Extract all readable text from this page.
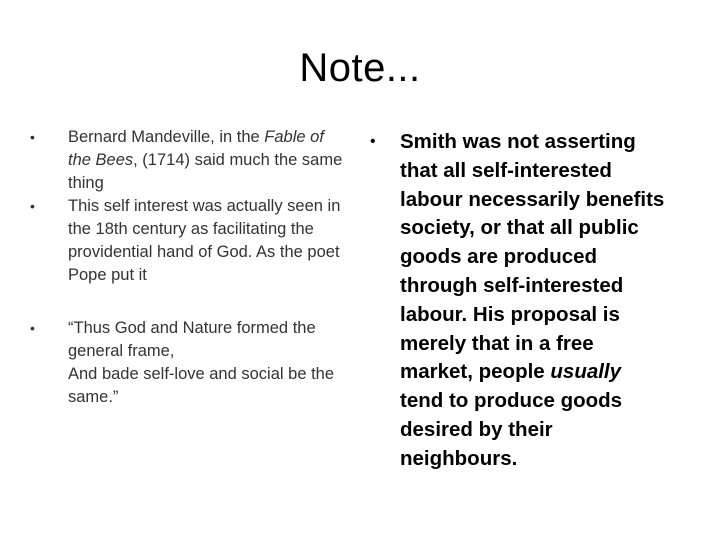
Note...
•	Bernard Mandeville, in the Fable of
the Bees, (1714) said much the same
thing
•	This self interest was actually seen in
the 18th century as facilitating the
providential hand of God. As the poet
Pope put it
•	“Thus God and Nature formed the
general frame,
And bade self-love and social be the
same.”
• Smith was not asserting
that all self-interested
labour necessarily benefits
society, or that all public
goods are produced
through self-interested
labour. His proposal is
merely that in a free
market, people usually
tend to produce goods
desired by their
neighbours.
